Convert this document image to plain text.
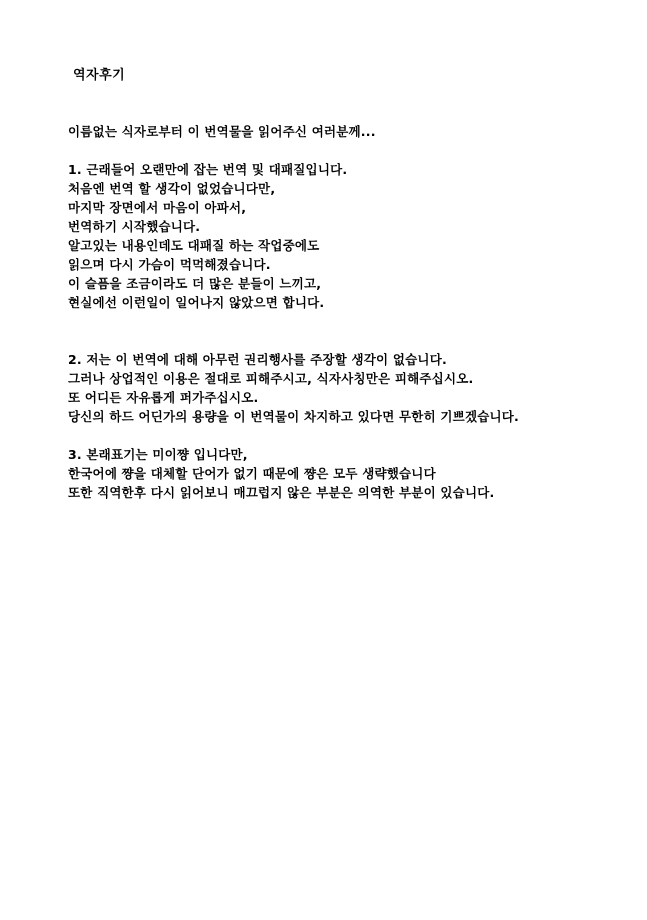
역자후기
이름없는 식자로부터 이 번역물을 읽어주신 여러분께...
1. 근래들어 오랜만에 잡는 번역 및 대패질입니다.
처음엔 번역 할 생각이 없었습니다만,
마지막 장면에서 마음이 아파서,
번역하기 시작했습니다.
알고있는 내용인데도 대패질 하는 작업중에도
읽으며 다시 가슴이 먹먹해졌습니다.
이 슬픔을 조금이라도 더 많은 분들이 느끼고,
현실에선 이런일이 일어나지 않았으면 합니다.
2. 저는 이 번역에 대해 아무런 권리행사를 주장할 생각이 없습니다.
그러나 상업적인 이용은 절대로 피해주시고, 식자사칭만은 피해주십시오.
또 어디든 자유롭게 퍼가주십시오.
당신의 하드 어딘가의 용량을 이 번역물이 차지하고 있다면 무한히 기쁘겠습니다.
3. 본래표기는 미이쨩 입니다만,
한국어에 쨩을 대체할 단어가 없기 때문에 쨩은 모두 생략했습니다
또한 직역한후 다시 읽어보니 매끄럽지 않은 부분은 의역한 부분이 있습니다.
